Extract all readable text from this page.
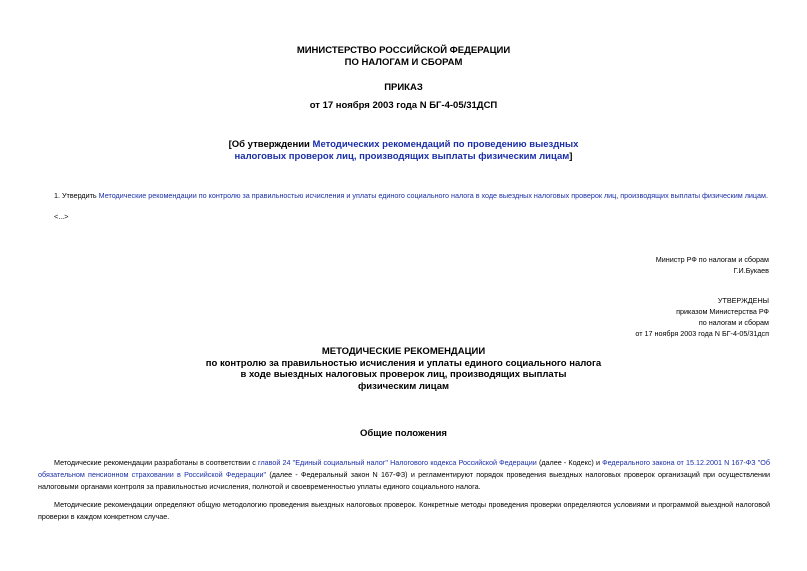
МИНИСТЕРСТВО РОССИЙСКОЙ ФЕДЕРАЦИИ
ПО НАЛОГАМ И СБОРАМ
ПРИКАЗ
от 17 ноября 2003 года N БГ-4-05/31ДСП
[Об утверждении Методических рекомендаций по проведению выездных
налоговых проверок лиц, производящих выплаты физическим лицам]
1. Утвердить Методические рекомендации по контролю за правильностью исчисления и уплаты единого социального налога в ходе выездных налоговых проверок лиц, производящих выплаты физическим лицам.
<...>
Министр РФ по налогам и сборам
Г.И.Букаев
УТВЕРЖДЕНЫ
приказом Министерства РФ
по налогам и сборам
от 17 ноября 2003 года N БГ-4-05/31дсп
МЕТОДИЧЕСКИЕ РЕКОМЕНДАЦИИ
по контролю за правильностью исчисления и уплаты единого социального налога
в ходе выездных налоговых проверок лиц, производящих выплаты
физическим лицам
Общие положения
Методические рекомендации разработаны в соответствии с главой 24 "Единый социальный налог" Налогового кодекса Российской Федерации (далее - Кодекс) и Федерального закона от 15.12.2001 N 167-ФЗ "Об обязательном пенсионном страховании в Российской Федерации" (далее - Федеральный закон N 167-ФЗ) и регламентируют порядок проведения выездных налоговых проверок организаций при осуществлении налоговыми органами контроля за правильностью исчисления, полнотой и своевременностью уплаты единого социального налога.
Методические рекомендации определяют общую методологию проведения выездных налоговых проверок. Конкретные методы проведения проверки определяются условиями и программой выездной налоговой проверки в каждом конкретном случае.
